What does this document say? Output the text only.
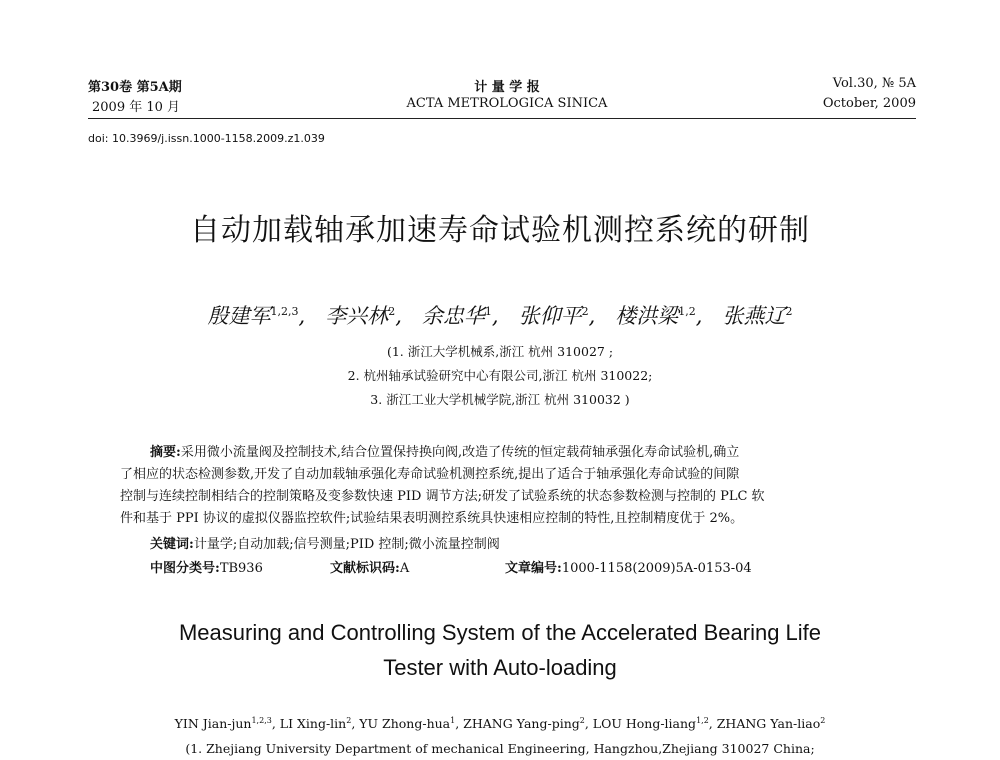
第30卷 第5A期
2009 年 10 月
计 量 学 报
ACTA METROLOGICA SINICA
Vol.30, № 5A
October, 2009
doi: 10.3969/j.issn.1000-1158.2009.z1.039
自动加载轴承加速寿命试验机测控系统的研制
殷建军$^{1,2,3}$,   李兴林$^2$,   余忠华$^1$,   张仰平$^2$,   楼洪梁$^{1,2}$,   张燕辽$^2$
(1. 浙江大学机械系,浙江 杭州 310027 ;
2. 杭州轴承试验研究中心有限公司,浙江 杭州 310022;
3. 浙江工业大学机械学院,浙江 杭州 310032 )
摘要:采用微小流量阀及控制技术,结合位置保持换向阀,改造了传统的恒定载荷轴承强化寿命试验机,确立
了相应的状态检测参数,开发了自动加载轴承强化寿命试验机测控系统,提出了适合于轴承强化寿命试验的间隙
控制与连续控制相结合的控制策略及变参数快速 PID 调节方法;研发了试验系统的状态参数检测与控制的 PLC 软
件和基于 PPI 协议的虚拟仪器监控软件;试验结果表明测控系统具快速相应控制的特性,且控制精度优于 2%。
关键词:计量学;自动加载;信号测量;PID 控制;微小流量控制阀
中图分类号:TB936	文献标识码:A	文章编号:1000-1158(2009)5A-0153-04
Measuring and Controlling System of the Accelerated Bearing Life
Tester with Auto-loading
YIN Jian-jun$^{1,2,3}$, LI Xing-lin$^2$, YU Zhong-hua$^1$, ZHANG Yang-ping$^2$, LOU Hong-liang$^{1,2}$, ZHANG Yan-liao$^2$
(1. Zhejiang University Department of mechanical Engineering, Hangzhou,Zhejiang 310027 China;
